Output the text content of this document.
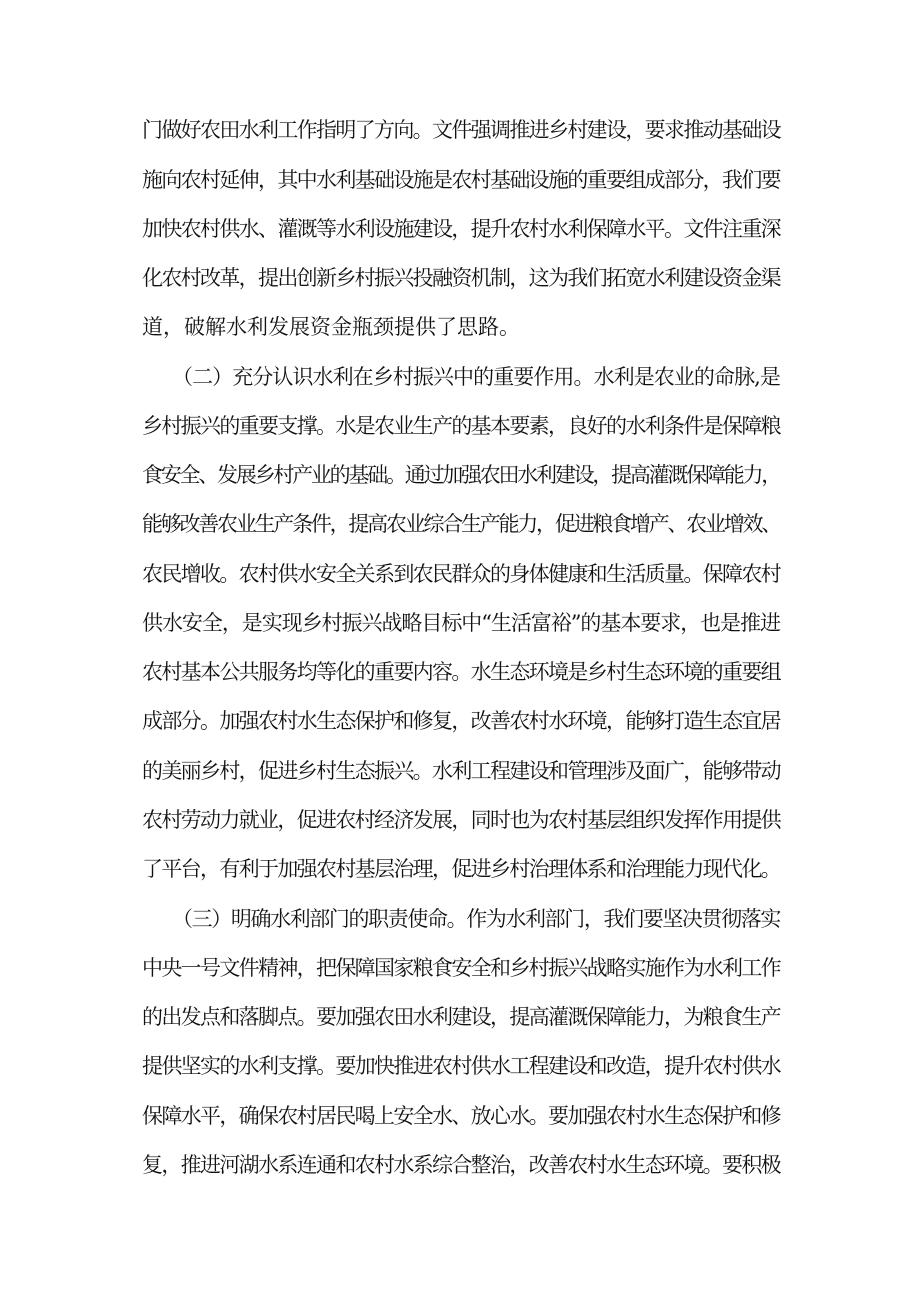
门做好农田水利工作指明了方向。文件强调推进乡村建设，要求推动基础设
施向农村延伸，其中水利基础设施是农村基础设施的重要组成部分，我们要
加快农村供水、灌溉等水利设施建设，提升农村水利保障水平。文件注重深
化农村改革，提出创新乡村振兴投融资机制，这为我们拓宽水利建设资金渠
道，破解水利发展资金瓶颈提供了思路。
（二）充分认识水利在乡村振兴中的重要作用。水利是农业的命脉,是
乡村振兴的重要支撑。水是农业生产的基本要素，良好的水利条件是保障粮
食安全、发展乡村产业的基础。通过加强农田水利建设，提高灌溉保障能力，
能够改善农业生产条件，提高农业综合生产能力，促进粮食增产、农业增效、
农民增收。农村供水安全关系到农民群众的身体健康和生活质量。保障农村
供水安全，是实现乡村振兴战略目标中“生活富裕”的基本要求，也是推进
农村基本公共服务均等化的重要内容。水生态环境是乡村生态环境的重要组
成部分。加强农村水生态保护和修复，改善农村水环境，能够打造生态宜居
的美丽乡村，促进乡村生态振兴。水利工程建设和管理涉及面广，能够带动
农村劳动力就业，促进农村经济发展，同时也为农村基层组织发挥作用提供
了平台，有利于加强农村基层治理，促进乡村治理体系和治理能力现代化。
（三）明确水利部门的职责使命。作为水利部门，我们要坚决贯彻落实
中央一号文件精神，把保障国家粮食安全和乡村振兴战略实施作为水利工作
的出发点和落脚点。要加强农田水利建设，提高灌溉保障能力，为粮食生产
提供坚实的水利支撑。要加快推进农村供水工程建设和改造，提升农村供水
保障水平，确保农村居民喝上安全水、放心水。要加强农村水生态保护和修
复，推进河湖水系连通和农村水系综合整治，改善农村水生态环境。要积极
